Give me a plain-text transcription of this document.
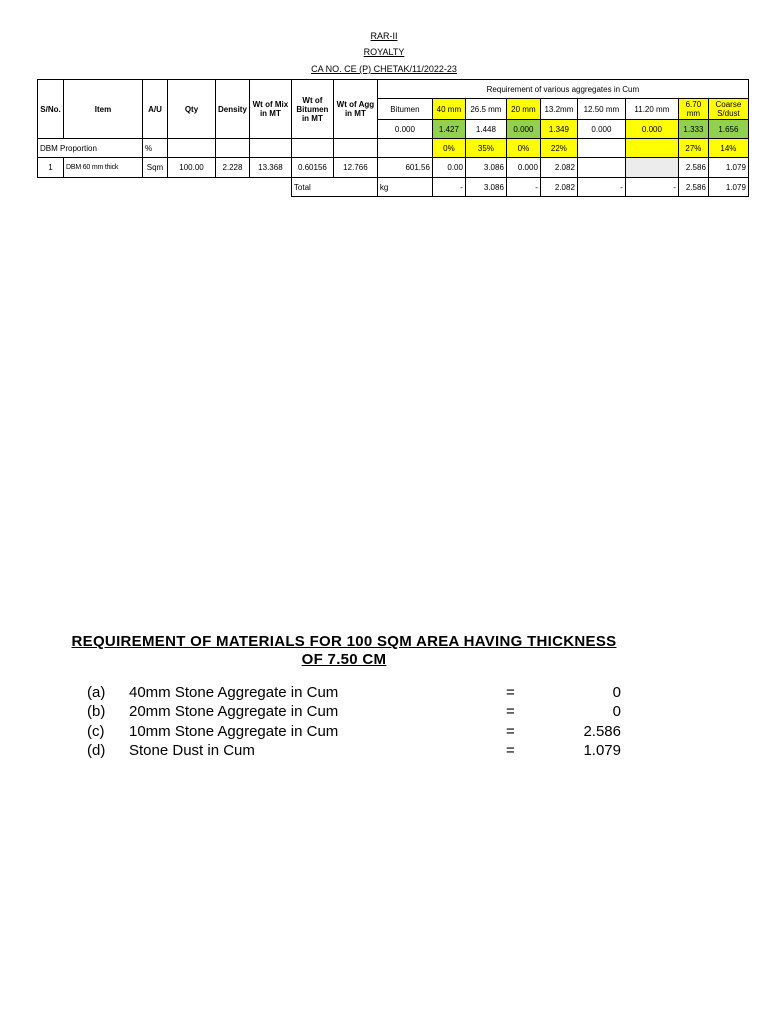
RAR-II
ROYALTY
CA NO. CE (P) CHETAK/11/2022-23
S/No.	Item	A/U	Qty	Density	Wt of Mix in MT	Wt of Bitumen in MT	Wt of Agg in MT	Requirement of various aggregates in Cum								
								Bitumen	40 mm	26.5 mm	20 mm	13.2mm	12.50 mm	11.20 mm	6.70 mm	Coarse S/dust
								0.000	1.427	1.448	0.000	1.349	0.000	0.000	1.333	1.656
DBM Proportion		%							0%	35%	0%	22%			27%	14%
1	DBM 60 mm thick	Sqm	100.00	2.228	13.368	0.60156	12.766	601.56	0.00	3.086	0.000	2.082			2.586	1.079
						Total		kg	-	3.086	-	2.082	-	-	2.586	1.079
REQUIREMENT OF MATERIALS FOR 100 SQM AREA HAVING THICKNESS OF 7.50 CM
(a) 40mm Stone Aggregate in Cum	=	0
(b) 20mm Stone Aggregate in Cum	=	0
(c) 10mm Stone Aggregate in Cum	=	2.586
(d) Stone Dust in Cum	=	1.079
